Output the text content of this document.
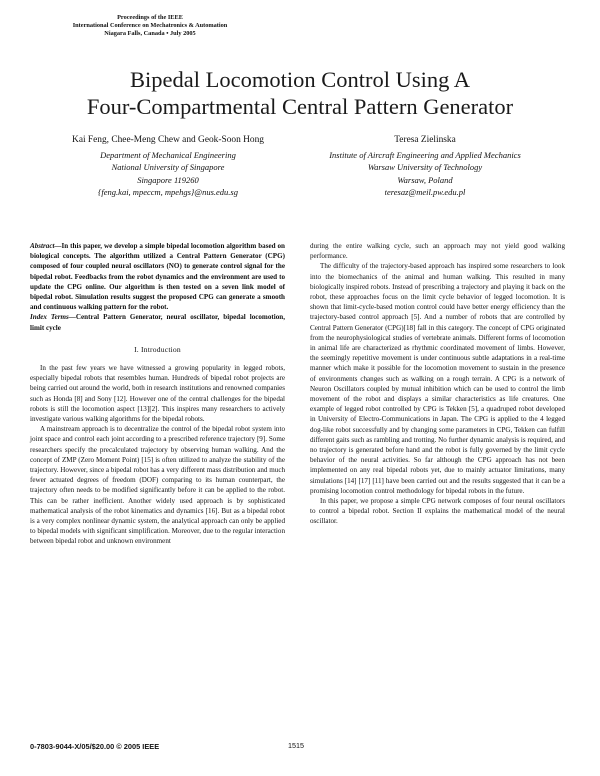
Proceedings of the IEEE
International Conference on Mechatronics & Automation
Niagara Falls, Canada • July 2005
Bipedal Locomotion Control Using A
Four-Compartmental Central Pattern Generator
Kai Feng, Chee-Meng Chew and Geok-Soon Hong
Department of Mechanical Engineering
National University of Singapore
Singapore 119260
{feng.kai, mpeccm, mpehgs}@nus.edu.sg
Teresa Zielinska
Institute of Aircraft Engineering and Applied Mechanics
Warsaw University of Technology
Warsaw, Poland
teresaz@meil.pw.edu.pl

Abstract—In this paper, we develop a simple bipedal locomotion algorithm based on biological concepts. The algorithm utilized a Central Pattern Generator (CPG) composed of four coupled neural oscillators (NO) to generate control signal for the bipedal robot. Feedbacks from the robot dynamics and the environment are used to update the CPG online. Our algorithm is then tested on a seven link model of bipedal robot. Simulation results suggest the proposed CPG can generate a smooth and continuous walking pattern for the robot.

Index Terms—Central Pattern Generator, neural oscillator, bipedal locomotion, limit cycle

I. Introduction

In the past few years we have witnessed a growing popularity in legged robots, especially bipedal robots that resembles human. Hundreds of bipedal robot projects are being carried out around the world, both in research institutions and renowned companies such as Honda [8] and Sony [12]. However one of the central challenges for the bipedal robots is still the locomotion aspect [13][2]. This inspires many researchers to actively investigate various walking algorithms for the bipedal robots.

A mainstream approach is to decentralize the control of the bipedal robot system into joint space and control each joint according to a prescribed reference trajectory [9]. Some researchers specify the precalculated trajectory by observing human walking. And the concept of ZMP (Zero Moment Point) [15] is often utilized to analyze the stability of the trajectory. However, since a bipedal robot has a very different mass distribution and much fewer actuated degrees of freedom (DOF) comparing to its human counterpart, the trajectory often needs to be modified significantly before it can be applied to the robot. This can be rather inefficient. Another widely used approach is by sophisticated mathematical analysis of the robot kinematics and dynamics [16]. But as a bipedal robot is a very complex nonlinear dynamic system, the analytical approach can only be applied to bipedal models with significant simplification. Moreover, due to the regular interaction between bipedal robot and unknown environment

during the entire walking cycle, such an approach may not yield good walking performance.

The difficulty of the trajectory-based approach has inspired some researchers to look into the biomechanics of the animal and human walking. This resulted in many biologically inspired robots. Instead of prescribing a trajectory and playing it back on the robot, these approaches focus on the limit cycle behavior of legged locomotion. It is shown that limit-cycle-based motion control could have better energy efficiency than the trajectory-based control approach [5]. And a number of robots that are controlled by Central Pattern Generator (CPG)[18] fall in this category. The concept of CPG originated from the neurophysiological studies of vertebrate animals. Different forms of locomotion in animal life are characterized as rhythmic coordinated movement of limbs. However, the seemingly repetitive movement is under continuous subtle adaptations in a real-time manner which make it possible for the locomotion movement to sustain in the presence of environments changes such as walking on a rough terrain. A CPG is a network of Neuron Oscillators coupled by mutual inhibition which can be used to control the limb movement of the robot and displays a similar characteristics as life creatures. One example of legged robot controlled by CPG is Tekken [5], a quadruped robot developed in University of Electro-Communications in Japan. The CPG is applied to the 4 legged dog-like robot successfully and by changing some parameters in CPG, Tekken can fulfill different gaits such as rambling and trotting. No further dynamic analysis is required, and no trajectory is generated before hand and the robot is fully governed by the limit cycle behavior of the neural activities. So far although the CPG approach has not been implemented on any real bipedal robots yet, due to mainly actuator limitations, many simulations [14] [17] [11] have been carried out and the results suggested that it can be a promising locomotion control methodology for bipedal robots in the future.

In this paper, we propose a simple CPG network composes of four neural oscillators to control a bipedal robot. Section II explains the mathematical model of the neural oscillator.

0-7803-9044-X/05/$20.00 © 2005 IEEE	1515
